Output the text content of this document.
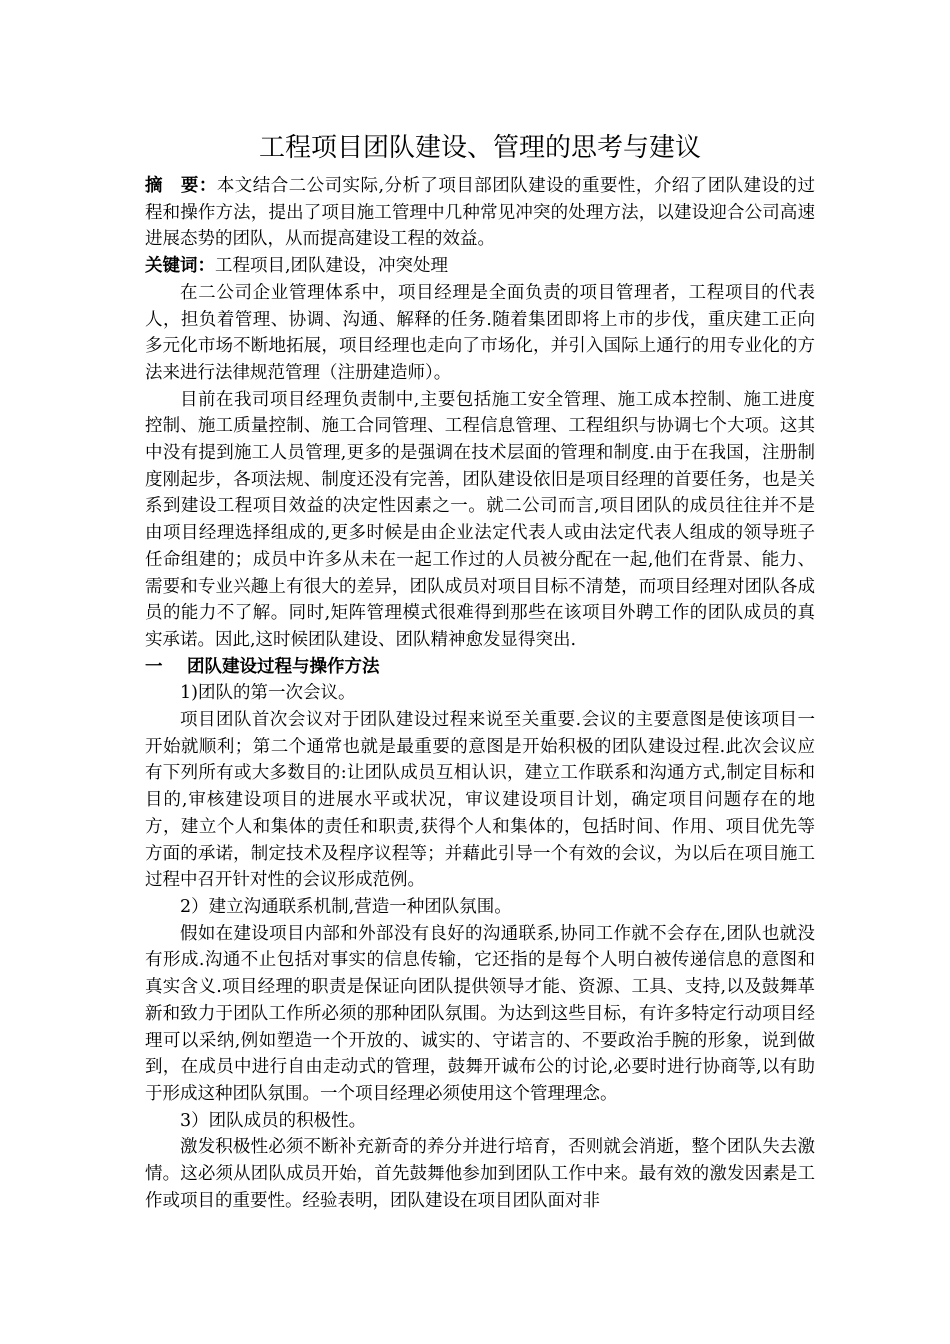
工程项目团队建设、管理的思考与建议

摘　要：本文结合二公司实际,分析了项目部团队建设的重要性，介绍了团队建设的过程和操作方法，提出了项目施工管理中几种常见冲突的处理方法，以建设迎合公司高速进展态势的团队，从而提高建设工程的效益。

关键词：工程项目,团队建设，冲突处理

在二公司企业管理体系中，项目经理是全面负责的项目管理者，工程项目的代表人，担负着管理、协调、沟通、解释的任务.随着集团即将上市的步伐，重庆建工正向多元化市场不断地拓展，项目经理也走向了市场化，并引入国际上通行的用专业化的方法来进行法律规范管理（注册建造师）。

目前在我司项目经理负责制中,主要包括施工安全管理、施工成本控制、施工进度控制、施工质量控制、施工合同管理、工程信息管理、工程组织与协调七个大项。这其中没有提到施工人员管理,更多的是强调在技术层面的管理和制度.由于在我国，注册制度刚起步，各项法规、制度还没有完善，团队建设依旧是项目经理的首要任务，也是关系到建设工程项目效益的决定性因素之一。就二公司而言,项目团队的成员往往并不是由项目经理选择组成的,更多时候是由企业法定代表人或由法定代表人组成的领导班子任命组建的；成员中许多从未在一起工作过的人员被分配在一起,他们在背景、能力、需要和专业兴趣上有很大的差异，团队成员对项目目标不清楚，而项目经理对团队各成员的能力不了解。同时,矩阵管理模式很难得到那些在该项目外聘工作的团队成员的真实承诺。因此,这时候团队建设、团队精神愈发显得突出.

一 团队建设过程与操作方法

1)团队的第一次会议。

项目团队首次会议对于团队建设过程来说至关重要.会议的主要意图是使该项目一开始就顺利；第二个通常也就是最重要的意图是开始积极的团队建设过程.此次会议应有下列所有或大多数目的:让团队成员互相认识，建立工作联系和沟通方式,制定目标和目的,审核建设项目的进展水平或状况，审议建设项目计划，确定项目问题存在的地方，建立个人和集体的责任和职责,获得个人和集体的，包括时间、作用、项目优先等方面的承诺，制定技术及程序议程等；并藉此引导一个有效的会议，为以后在项目施工过程中召开针对性的会议形成范例。

2）建立沟通联系机制,营造一种团队氛围。

假如在建设项目内部和外部没有良好的沟通联系,协同工作就不会存在,团队也就没有形成.沟通不止包括对事实的信息传输，它还指的是每个人明白被传递信息的意图和真实含义.项目经理的职责是保证向团队提供领导才能、资源、工具、支持,以及鼓舞革新和致力于团队工作所必须的那种团队氛围。为达到这些目标，有许多特定行动项目经理可以采纳,例如塑造一个开放的、诚实的、守诺言的、不要政治手腕的形象，说到做到，在成员中进行自由走动式的管理，鼓舞开诚布公的讨论,必要时进行协商等,以有助于形成这种团队氛围。一个项目经理必须使用这个管理理念。

3）团队成员的积极性。

激发积极性必须不断补充新奇的养分并进行培育，否则就会消逝，整个团队失去激情。这必须从团队成员开始，首先鼓舞他参加到团队工作中来。最有效的激发因素是工作或项目的重要性。经验表明，团队建设在项目团队面对非
